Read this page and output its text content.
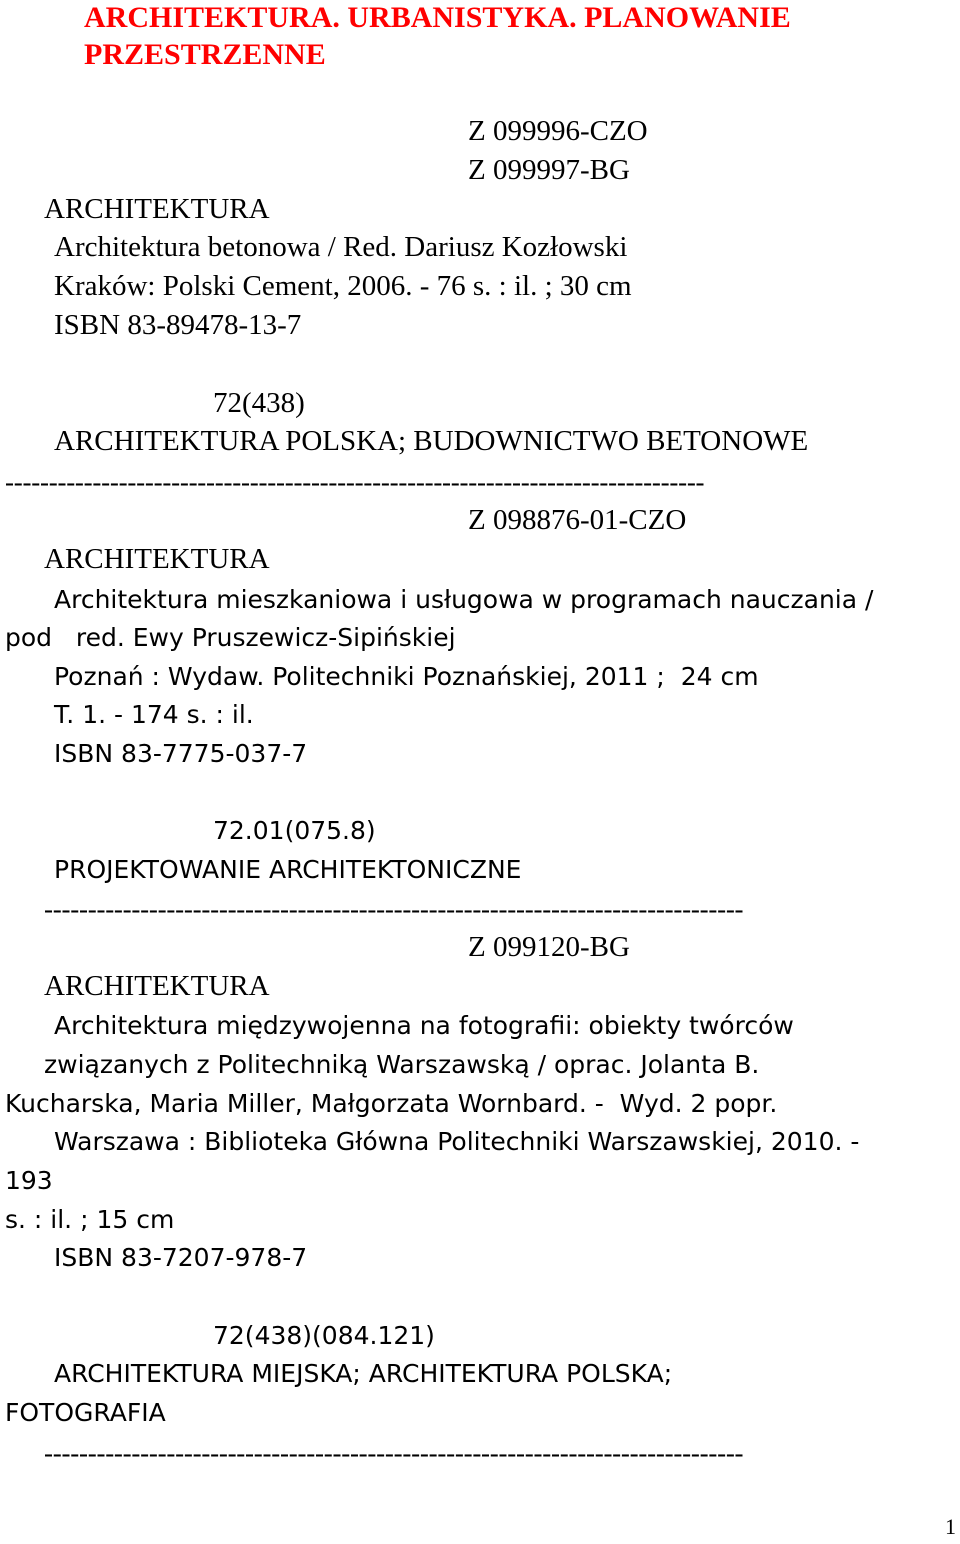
ARCHITEKTURA. URBANISTYKA. PLANOWANIE
PRZESTRZENNE
Z 099996-CZO
Z 099997-BG
ARCHITEKTURA
Architektura betonowa / Red. Dariusz Kozłowski
Kraków: Polski Cement, 2006. - 76 s. : il. ; 30 cm
ISBN 83-89478-13-7
72(438)
ARCHITEKTURA POLSKA; BUDOWNICTWO BETONOWE
--------------------------------------------------------------------------------
Z 098876-01-CZO
ARCHITEKTURA
Architektura mieszkaniowa i usługowa w programach nauczania /
pod   red. Ewy Pruszewicz-Sipińskiej
Poznań : Wydaw. Politechniki Poznańskiej, 2011 ;  24 cm
T. 1. - 174 s. : il.
ISBN 83-7775-037-7
72.01(075.8)
PROJEKTOWANIE ARCHITEKTONICZNE
--------------------------------------------------------------------------------
Z 099120-BG
ARCHITEKTURA
Architektura międzywojenna na fotografii: obiekty twórców
związanych z Politechniką Warszawską / oprac. Jolanta B.
Kucharska, Maria Miller, Małgorzata Wornbard. -  Wyd. 2 popr.
Warszawa : Biblioteka Główna Politechniki Warszawskiej, 2010. -
193
s. : il. ; 15 cm
ISBN 83-7207-978-7
72(438)(084.121)
ARCHITEKTURA MIEJSKA; ARCHITEKTURA POLSKA;
FOTOGRAFIA
--------------------------------------------------------------------------------
1
